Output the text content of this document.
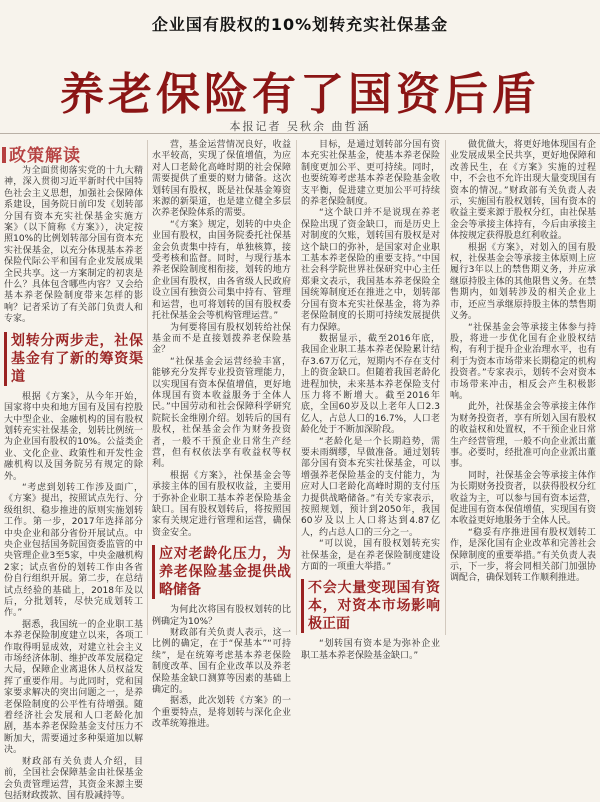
企业国有股权的10%划转充实社保基金
养老保险有了国资后盾
本报记者 吴秋余 曲哲涵
政策解读

为全面贯彻落实党的十九大精神，深入贯彻习近平新时代中国特色社会主义思想，加强社会保障体系建设，国务院日前印发《划转部分国有资本充实社保基金实施方案》（以下简称《方案》），决定按照10%的比例划转部分国有资本充实社保基金，以充分体现基本养老保险代际公平和国有企业发展成果全民共享。这一方案制定的初衷是什么？具体包含哪些内容？又会给基本养老保险制度带来怎样的影响？记者采访了有关部门负责人和专家。

划转分两步走，社保基金有了新的筹资渠道

根据《方案》，从今年开始，国家将中央和地方国有及国有控股大中型企业、金融机构的国有股权划转充实社保基金，划转比例统一为企业国有股权的10%。公益类企业、文化企业、政策性和开发性金融机构以及国务院另有规定的除外。

“考虑到划转工作涉及面广，《方案》提出，按照试点先行、分级组织、稳步推进的原则实施划转工作。第一步，2017年选择部分中央企业和部分省份开展试点。中央企业包括国务院国资委监管的中央管理企业3至5家，中央金融机构2家；试点省份的划转工作由各省份自行组织开展。第二步，在总结试点经验的基础上，2018年及以后，分批划转，尽快完成划转工作。”

据悉，我国统一的企业职工基本养老保险制度建立以来，各项工作取得明显成效，对建立社会主义市场经济体制、维护改革发展稳定大局，保障企业离退休人员权益发挥了重要作用。与此同时，党和国家要求解决的突出问题之一，是养老保险制度的公平性有待增强。随着经济社会发展和人口老龄化加剧，基本养老保险基金支付压力不断加大，需要通过多种渠道加以解决。

财政部有关负责人介绍，目前，全国社会保障基金由社保基金会负责管理运营，其资金来源主要包括财政拨款、国有股减持等。

营，基金运营情况良好，收益水平较高，实现了保值增值，为应对人口老龄化高峰时期的社会保障需要提供了重要的财力储备。这次划转国有股权，既是社保基金筹资来源的新渠道，也是建立健全多层次养老保险体系的需要。

“《方案》规定，划转的中央企业国有股权，由国务院委托社保基金会负责集中持有，单独核算，接受考核和监督。同时，与现行基本养老保险制度相衔接，划转的地方企业国有股权，由各省级人民政府设立国有独资公司集中持有、管理和运营，也可将划转的国有股权委托社保基金会等机构管理运营。”

为何要将国有股权划转给社保基金而不是直接划拨养老保险基金？

“社保基金会运营经验丰富，能够充分发挥专业投资管理能力，以实现国有资本保值增值，更好地体现国有资本收益服务于全体人民。”中国劳动和社会保障科学研究院院长金维刚介绍。划转后的国有股权，社保基金会作为财务投资者，一般不干预企业日常生产经营，但有权依法享有收益权等权利。

根据《方案》，社保基金会等承接主体的国有股权收益，主要用于弥补企业职工基本养老保险基金缺口。国有股权划转后，将按照国家有关规定进行管理和运营，确保资金安全。

应对老龄化压力，为养老保险基金提供战略储备

为何此次将国有股权划转的比例确定为10%？

财政部有关负责人表示，这一比例的确定，在于“保基本”“可持续”，是在统筹考虑基本养老保险制度改革、国有企业改革以及养老保险基金缺口测算等因素的基础上确定的。

据悉，此次划转《方案》的一个重要特点，是将划转与深化企业改革统筹推进。

目标，是通过划转部分国有资本充实社保基金，使基本养老保险制度更加公平、更可持续。同时，也要统筹考虑基本养老保险基金收支平衡，促进建立更加公平可持续的养老保险制度。

“这个缺口并不是说现在养老保险出现了资金缺口，而是历史上对制度的欠账，划转国有股权是对这个缺口的弥补，是国家对企业职工基本养老保险的重要支持。”中国社会科学院世界社保研究中心主任郑秉文表示，我国基本养老保险全国统筹制度还在推进之中，划转部分国有资本充实社保基金，将为养老保险制度的长期可持续发展提供有力保障。

数据显示，截至2016年底，我国企业职工基本养老保险累计结存3.67万亿元，短期内不存在支付上的资金缺口。但随着我国老龄化进程加快，未来基本养老保险支付压力将不断增大。截至2016年底，全国60岁及以上老年人口2.3亿人，占总人口的16.7%，人口老龄化处于不断加深阶段。

“老龄化是一个长期趋势，需要未雨绸缪，早做准备。通过划转部分国有资本充实社保基金，可以增强养老保险基金的支付能力，为应对人口老龄化高峰时期的支付压力提供战略储备。”有关专家表示，按照规划，预计到2050年，我国60岁及以上人口将达到4.87亿人，约占总人口的三分之一。

“可以说，国有股权划转充实社保基金，是在养老保险制度建设方面的一项重大举措。”

不会大量变现国有资本，对资本市场影响极正面

“划转国有资本是为弥补企业职工基本养老保险基金缺口。”

做优做大，将更好地体现国有企业发展成果全民共享，更好地保障和改善民生，在《方案》实施的过程中，不会也不允许出现大量变现国有资本的情况。”财政部有关负责人表示，实施国有股权划转，国有资本的收益主要来源于股权分红，由社保基金会等承接主体持有，今后由承接主体按规定获得股息红利收益。

根据《方案》，对划入的国有股权，社保基金会等承接主体原则上应履行3年以上的禁售期义务，并应承继原持股主体的其他限售义务。在禁售期内，如划转涉及的相关企业上市，还应当承继原持股主体的禁售期义务。

“社保基金会等承接主体参与持股，将进一步优化国有企业股权结构，有利于提升企业治理水平，也有利于为资本市场带来长期稳定的机构投资者。”专家表示，划转不会对资本市场带来冲击，相反会产生积极影响。

此外，社保基金会等承接主体作为财务投资者，享有所划入国有股权的收益权和处置权，不干预企业日常生产经营管理，一般不向企业派出董事。必要时，经批准可向企业派出董事。

同时，社保基金会等承接主体作为长期财务投资者，以获得股权分红收益为主，可以参与国有资本运营，促进国有资本保值增值，实现国有资本收益更好地服务于全体人民。

“稳妥有序推进国有股权划转工作，是深化国有企业改革和完善社会保障制度的重要举措。”有关负责人表示，下一步，将会同相关部门加强协调配合，确保划转工作顺利推进。
